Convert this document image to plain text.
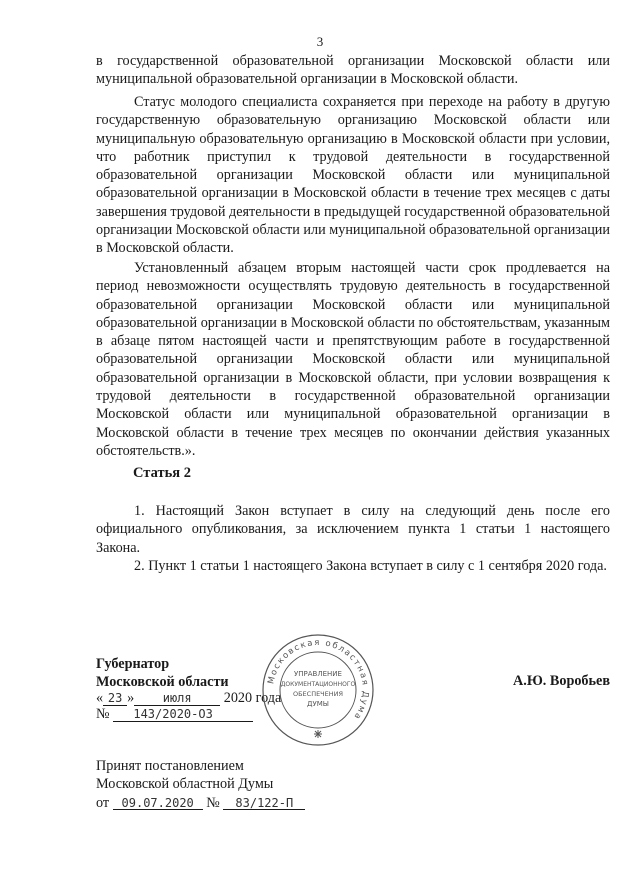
3
в государственной образовательной организации Московской области или муниципальной образовательной организации в Московской области.
Статус молодого специалиста сохраняется при переходе на работу в другую государственную образовательную организацию Московской области или муниципальную образовательную организацию в Московской области при условии, что работник приступил к трудовой деятельности в государственной образовательной организации Московской области или муниципальной образовательной организации в Московской области в течение трех месяцев с даты завершения трудовой деятельности в предыдущей государственной образовательной организации Московской области или муниципальной образовательной организации в Московской области.
Установленный абзацем вторым настоящей части срок продлевается на период невозможности осуществлять трудовую деятельность в государственной образовательной организации Московской области или муниципальной образовательной организации в Московской области по обстоятельствам, указанным в абзаце пятом настоящей части и препятствующим работе в государственной образовательной организации Московской области или муниципальной образовательной организации в Московской области, при условии возвращения к трудовой деятельности в государственной образовательной организации Московской области или муниципальной образовательной организации в Московской области в течение трех месяцев по окончании действия указанных обстоятельств.».
Статья 2
1. Настоящий Закон вступает в силу на следующий день после его официального опубликования, за исключением пункта 1 статьи 1 настоящего Закона.
2. Пункт 1 статьи 1 настоящего Закона вступает в силу с 1 сентября 2020 года.
Губернатор
Московской области
« 23 » июля 2020 года
№ 143/2020-ОЗ
А.Ю. Воробьев
Принят постановлением
Московской областной Думы
от 09.07.2020 № 83/122-П
Московская областная Дума
УПРАВЛЕНИЕ
ДОКУМЕНТАЦИОННОГО
ОБЕСПЕЧЕНИЯ
ДУМЫ
